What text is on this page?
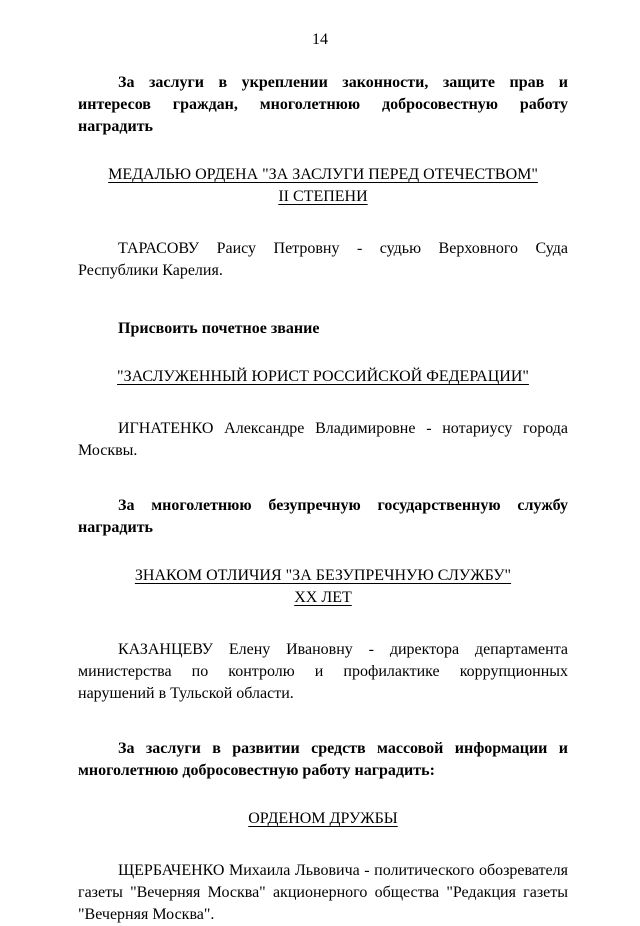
14

За заслуги в укреплении законности, защите прав и интересов граждан, многолетнюю добросовестную работу наградить

МЕДАЛЬЮ ОРДЕНА "ЗА ЗАСЛУГИ ПЕРЕД ОТЕЧЕСТВОМ"
II СТЕПЕНИ

ТАРАСОВУ Раису Петровну - судью Верховного Суда Республики Карелия.

Присвоить почетное звание

"ЗАСЛУЖЕННЫЙ ЮРИСТ РОССИЙСКОЙ ФЕДЕРАЦИИ"

ИГНАТЕНКО Александре Владимировне - нотариусу города Москвы.

За многолетнюю безупречную государственную службу наградить

ЗНАКОМ ОТЛИЧИЯ "ЗА БЕЗУПРЕЧНУЮ СЛУЖБУ"
XX ЛЕТ

КАЗАНЦЕВУ Елену Ивановну - директора департамента министерства по контролю и профилактике коррупционных нарушений в Тульской области.

За заслуги в развитии средств массовой информации и многолетнюю добросовестную работу наградить:

ОРДЕНОМ ДРУЖБЫ

ЩЕРБАЧЕНКО Михаила Львовича - политического обозревателя газеты "Вечерняя Москва" акционерного общества "Редакция газеты "Вечерняя Москва".
